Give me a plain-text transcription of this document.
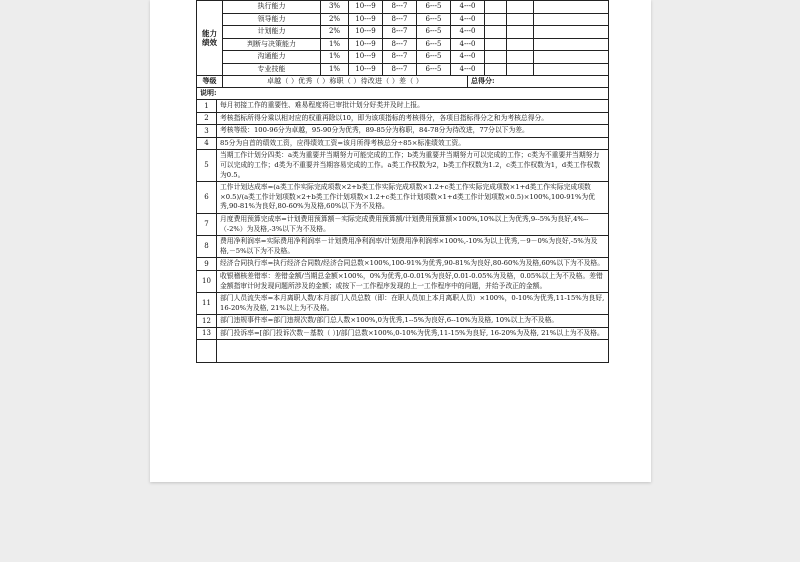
能力
绩效	执行能力	3%	10---9	8---7	6---5	4---0			
	领导能力	2%	10---9	8---7	6---5	4---0			
	计划能力	2%	10---9	8---7	6---5	4---0			
	判断与决策能力	1%	10---9	8---7	6---5	4---0			
	沟通能力	1%	10---9	8---7	6---5	4---0			
	专业技能	1%	10---9	8---7	6---5	4---0			
等级	卓越（ ）优秀（ ）称职（ ）待改进（ ）差（ ）	总得分:
说明:	
1	每月初接工作的重要性、难易程度将已审批计划分好类并及时上报。
2	考核指标所得分乘以相对应的权重再除以10，即为该项指标的考核得分，各项目指标得分之和为考核总得分。
3	考核等级：100-96分为卓越，95-90分为优秀，89-85分为称职，84-78分为待改进，77分以下为差。
4	85分为自首的绩效工资，应得绩效工资=该月所得考核总分÷85×标准绩效工资。
5	当期工作计划分四类：a类为重要并当期努力可能完成的工作；b类为重要并当期努力可以完成的工作；c类为不重要并当期努力可以完成的工作；d类为不重要并当期容易完成的工作。a类工作权数为2，b类工作权数为1.2，c类工作权数为1，d类工作权数为0.5。
6	工作计划达成率=(a类工作实际完成项数×2+b类工作实际完成项数×1.2+c类工作实际完成项数×1+d类工作实际完成项数×0.5)/(a类工作计划项数×2+b类工作计划项数×1.2+c类工作计划项数×1+d类工作计划项数×0.5)×100%,100-91%为优秀,90-81%为良好,80-60%为及格,60%以下为不及格。
7	月度费用预算完成率=计划费用预算额－实际完成费用预算额/计划费用预算额×100%,10%以上为优秀,9--5%为良好,4%--（-2%）为及格,-3%以下为不及格。
8	费用净利润率=实际费用净利润率－计划费用净利润率/计划费用净利润率×100%,-10%为以上优秀,－9－0%为良好,-5%为及格,－5%以下为不及格。
9	经济合同执行率=执行经济合同数/经济合同总数×100%,100-91%为优秀,90-81%为良好,80-60%为及格,60%以下为不及格。
10	收银稽核差错率：差错金额/当期总金额×100%，0%为优秀,0-0.01%为良好,0.01-0.05%为及格，0.05%以上为不及格。差错金额指审计时发现问题所涉及的金额；或按下一工作程序发现的上一工作程序中的问题，并给予改正的金额。
11	部门人员流失率=本月离职人数/本月部门人员总数（即：在职人员加上本月离职人员）×100%，0-10%为优秀,11-15%为良好, 16-20%为及格, 21%以上为不及格。
12	部门违规事件率=部门违规次数/部门总人数×100%,0为优秀,1--5%为良好,6--10%为及格, 10%以上为不及格。
13	部门投诉率=[部门投诉次数－基数（ ）]/部门总数×100%,0-10%为优秀,11-15%为良好, 16-20%为及格, 21%以上为不及格。
